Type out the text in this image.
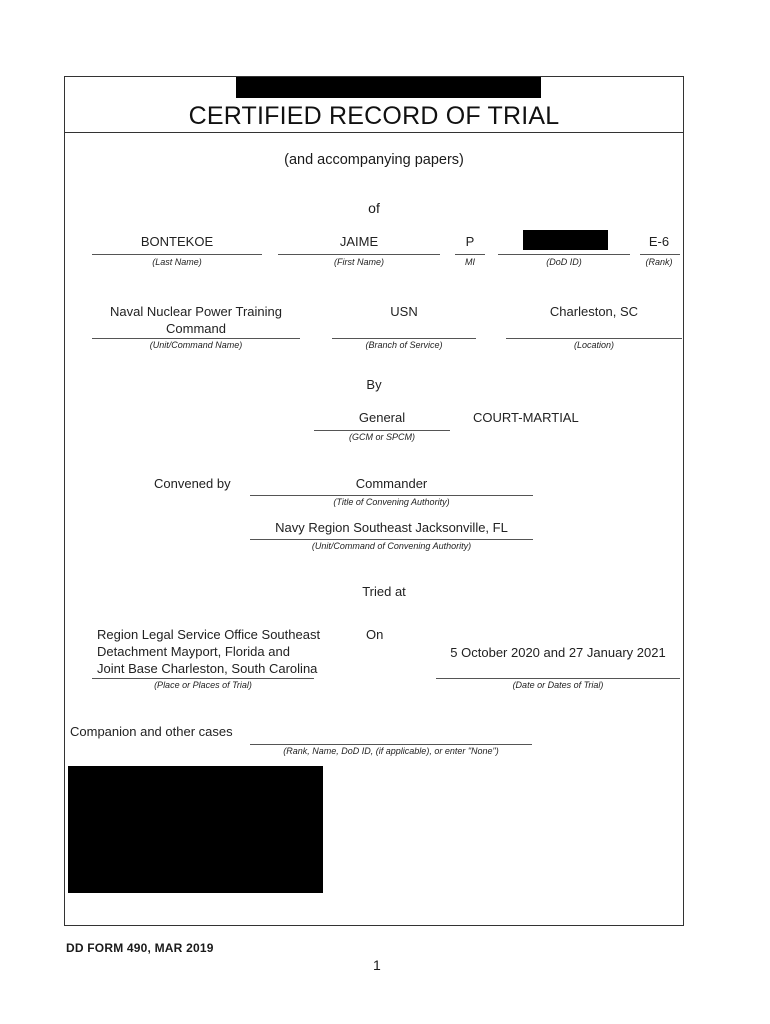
CERTIFIED RECORD OF TRIAL
(and accompanying papers)
of
BONTEKOE
(Last Name)
JAIME
(First Name)
P
MI	(DoD ID)
E-6
(Rank)
Naval Nuclear Power Training
Command
(Unit/Command Name)
USN
(Branch of Service)
Charleston, SC
(Location)
By
General
(GCM or SPCM)
COURT-MARTIAL
Convened by	Commander
(Title of Convening Authority)
Navy Region Southeast Jacksonville, FL
(Unit/Command of Convening Authority)
Tried at
Region Legal Service Office Southeast
Detachment Mayport, Florida and
Joint Base Charleston, South Carolina
(Place or Places of Trial)
On
5 October 2020 and 27 January 2021
(Date or Dates of Trial)
Companion and other cases
(Rank, Name, DoD ID, (if applicable), or enter "None")
DD FORM 490, MAR 2019
1
